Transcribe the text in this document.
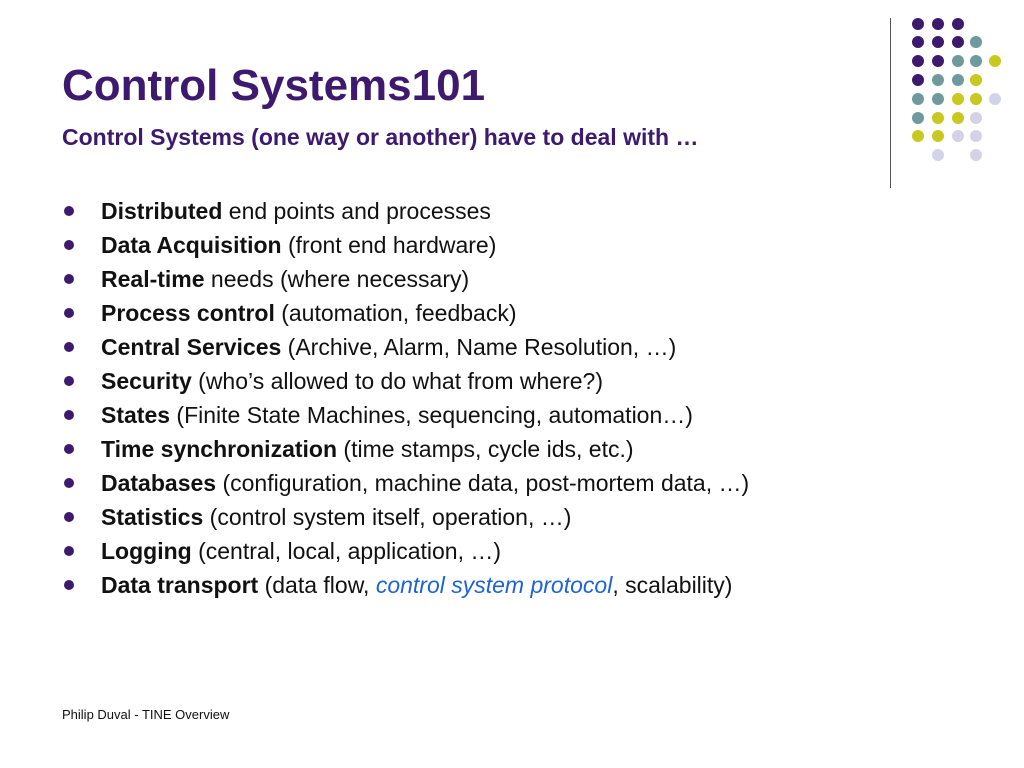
Control Systems101
Control Systems (one way or another) have to deal with …
Distributed end points and processes
Data Acquisition (front end hardware)
Real-time needs (where necessary)
Process control (automation, feedback)
Central Services (Archive, Alarm, Name Resolution, …)
Security (who’s allowed to do what from where?)
States (Finite State Machines, sequencing, automation…)
Time synchronization (time stamps, cycle ids, etc.)
Databases (configuration, machine data, post-mortem data, …)
Statistics (control system itself, operation, …)
Logging (central, local, application, …)
Data transport (data flow, control system protocol, scalability)
Philip Duval - TINE Overview
